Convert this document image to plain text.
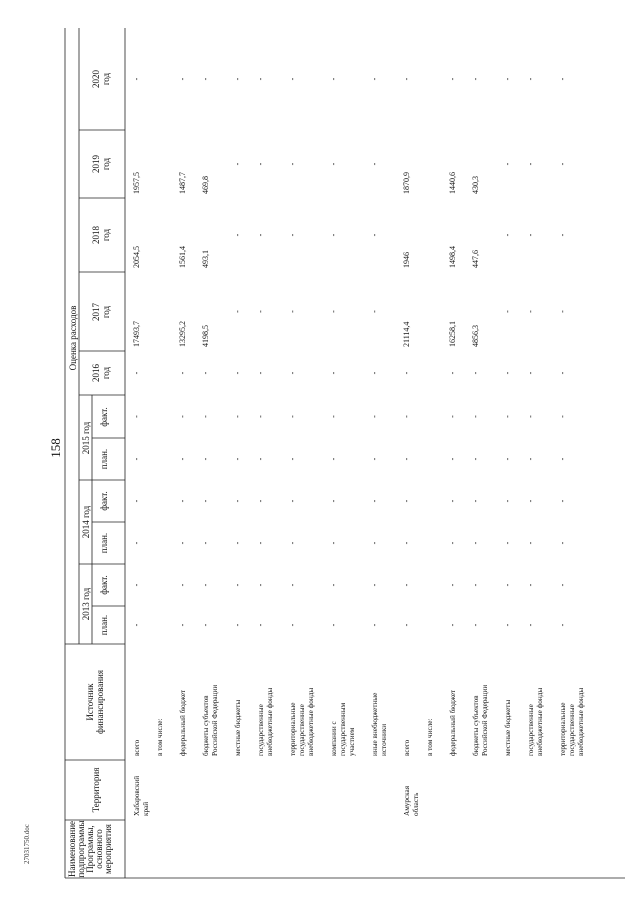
158
27031750.doc	Наименование подпрограммы Программы, основного мероприятия
Территория
Источник финансирования
Оценка расходов
2013 год
2014 год
2015 год
план.
факт.
план.
факт.
план.
факт.
2016 год
2017 год
2018 год
2019 год
2020 год
Хабаровский край
всего
-
-
-
-
-
-
-
17493,7
2054,5
1957,5
-
в том числе: федеральный бюджет
-
-
-
-
-
-
-
13295,2
1561,4
1487,7
-
бюджеты субъектов Российской Федерации
-
-
-
-
-
-
-
4198,5
493,1
469,8
-
местные бюджеты
-
-
-
-
-
-
-
-
-
-
-
государственные внебюджетные фонды
-
-
-
-
-
-
-
-
-
-
-
территориальные государственные внебюджетные фонды
-
-
-
-
-
-
-
-
-
-
-
компании с государственным участием
-
-
-
-
-
-
-
-
-
-
-
иные внебюджетные источники
-
-
-
-
-
-
-
-
-
-
-
Амурская область
всего
-
-
-
-
-
-
-
21114,4
1946
1870,9
-
в том числе: федеральный бюджет
-
-
-
-
-
-
-
16258,1
1498,4
1440,6
-
бюджеты субъектов Российской Федерации
-
-
-
-
-
-
-
4856,3
447,6
430,3
-
местные бюджеты
-
-
-
-
-
-
-
-
-
-
-
государственные внебюджетные фонды
-
-
-
-
-
-
-
-
-
-
-
территориальные государственные внебюджетные фонды
-
-
-
-
-
-
-
-
-
-
-
